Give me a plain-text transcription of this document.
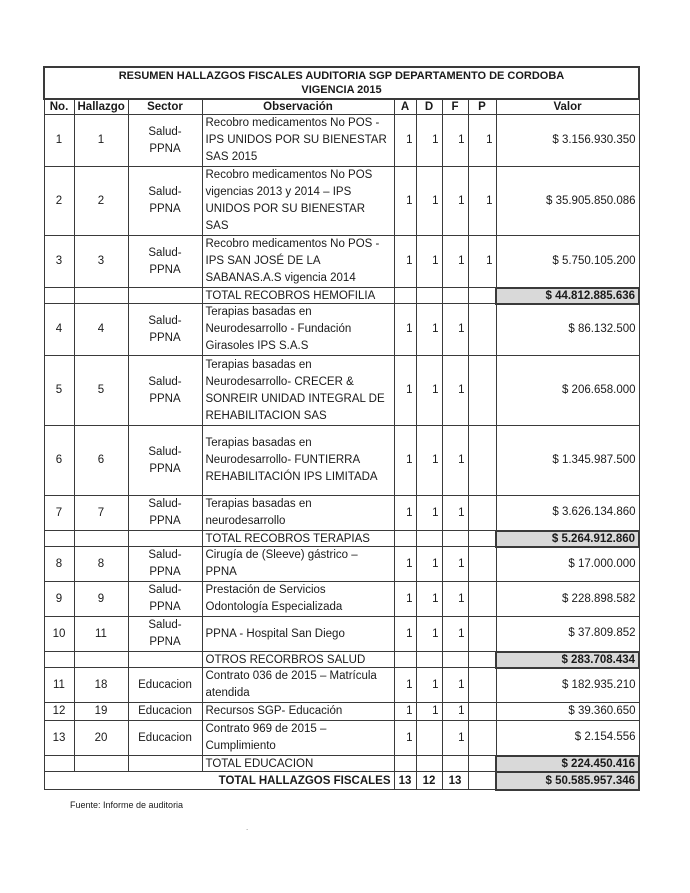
RESUMEN HALLAZGOS FISCALES AUDITORIA SGP DEPARTAMENTO DE CORDOBA
VIGENCIA 2015								

No.	Hallazgo	Sector	Observación	A	D	F	P	Valor
1	1	Salud- PPNA	Recobro medicamentos No POS - IPS UNIDOS POR SU BIENESTAR SAS 2015	1	1	1	1	$ 3.156.930.350
2	2	Salud- PPNA	Recobro medicamentos No POS vigencias 2013 y 2014 – IPS UNIDOS POR SU BIENESTAR SAS	1	1	1	1	$ 35.905.850.086
3	3	Salud- PPNA	Recobro medicamentos No POS - IPS SAN JOSÉ DE LA SABANAS.A.S vigencia 2014	1	1	1	1	$ 5.750.105.200
			TOTAL RECOBROS HEMOFILIA					$ 44.812.885.636
4	4	Salud- PPNA	Terapias basadas en Neurodesarrollo - Fundación Girasoles IPS S.A.S	1	1	1		$ 86.132.500
5	5	Salud- PPNA	Terapias basadas en Neurodesarrollo- CRECER & SONREIR UNIDAD INTEGRAL DE REHABILITACION SAS	1	1	1		$ 206.658.000
6	6	Salud- PPNA	Terapias basadas en Neurodesarrollo- FUNTIERRA REHABILITACIÓN IPS LIMITADA	1	1	1		$ 1.345.987.500
7	7	Salud- PPNA	Terapias basadas en neurodesarrollo	1	1	1		$ 3.626.134.860
			TOTAL RECOBROS TERAPIAS					$ 5.264.912.860
8	8	Salud- PPNA	Cirugía de (Sleeve) gástrico – PPNA	1	1	1		$ 17.000.000
9	9	Salud- PPNA	Prestación de Servicios Odontología Especializada	1	1	1		$ 228.898.582
10	11	Salud- PPNA	PPNA - Hospital San Diego	1	1	1		$ 37.809.852
			OTROS RECORBROS SALUD					$ 283.708.434
11	18	Educacion	Contrato 036 de 2015 – Matrícula atendida	1	1	1		$ 182.935.210
12	19	Educacion	Recursos SGP- Educación	1	1	1		$ 39.360.650
13	20	Educacion	Contrato 969 de 2015 – Cumplimiento	1		1		$ 2.154.556
			TOTAL EDUCACION					$ 224.450.416
TOTAL HALLAZGOS FISCALES				13	12	13		$ 50.585.957.346
Fuente: Informe de auditoria
.
